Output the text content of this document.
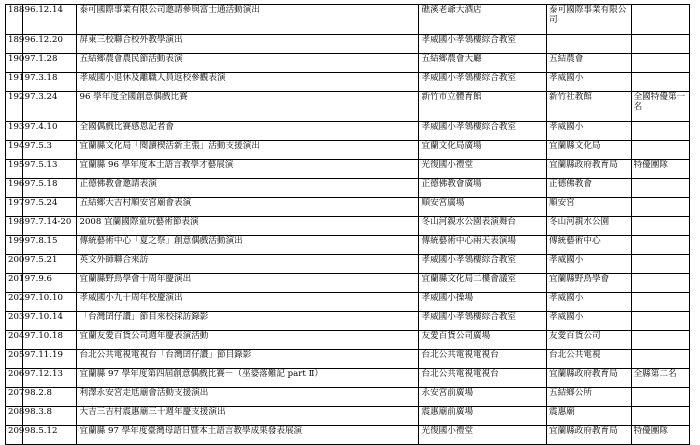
188	96.12.14	泰可國際事業有限公司邀請參與富士通活動演出	礁溪老爺大酒店	泰可國際事業有限公司	
189	96.12.20	屏東三校聯合校外教學演出	孝威國小孝鴒樓綜合教室		
190	97.1.28	五結鄉農會農民節活動表演	五結鄉農會大廳	五結農會	
191	97.3.18	孝威國小退休及離職人員返校參觀表演	孝威國小孝鴒樓綜合教室	孝威國小	
192	97.3.24	96 學年度全國創意偶戲比賽	新竹市立體育館	新竹社教館	全國特優第一名
193	97.4.10	全國偶戲比賽感恩記者會	孝威國小孝鴒樓綜合教室	孝威國小	
194	97.5.3	宜蘭縣文化局「閱讀楔活新主張」活動支援演出	宜蘭文化局廣場	宜蘭縣文化局	
195	97.5.13	宜蘭縣 96 學年度本土語言教學才藝展演	光復國小禮堂	宜蘭縣政府教育局	特優團隊
196	97.5.18	正德佛教會邀請表演	正德佛教會廣場	正德佛教會	
197	97.5.24	五結鄉大吉村順安宮廟會表演	順安宮廣場	順安宮	
198	97.7.14-20	2008 宜蘭國際童玩藝術節表演	冬山河親水公園表演舞台	冬山河親水公園	
199	97.8.15	傳統藝術中心「夏之祭」創意偶戲活動演出	傳統藝術中心兩天表演場	傳統藝術中心	
200	97.5.21	英文外師聯合來訪	孝威國小孝鴒樓綜合教室	孝威國小	
201	97.9.6	宜蘭縣野鳥學會十周年慶演出	宜蘭縣文化局二樓會議室	宜蘭縣野鳥學會	
202	97.10.10	孝威國小九十周年校慶演出	孝威國小操場	孝威國小	
203	97.10.14	「台灣囝仔讚」節目來校採訪錄影	孝威國小孝鴒樓綜合教室	孝威國小	
204	97.10.18	宜蘭友愛百貨公司週年慶表演活動	友愛百貨公司廣場	友愛百貨公司	
205	97.11.19	台北公共電視電視台「台灣囝仔讚」節目錄影	台北公共電視電視台	台北公共電視	
206	97.12.13	宜蘭縣 97 學年度第四屆創意偶戲比賽－（巫婆落難記 part Ⅱ）	台北公共電視電視台	宜蘭縣政府教育局	全縣第二名
207	98.2.8	利澤永安宮走尪廟會活動支援演出	永安宮前廣場	五結鄉公所	
208	98.3.8	大吉三吉村震惠廟三十週年慶支援演出	震惠廟前廣場	震惠廟	
209	98.5.12	宜蘭縣 97 學年度臺灣母語日暨本土語言教學成果發表展演	光復國小禮堂	宜蘭縣政府教育局	特優團隊
